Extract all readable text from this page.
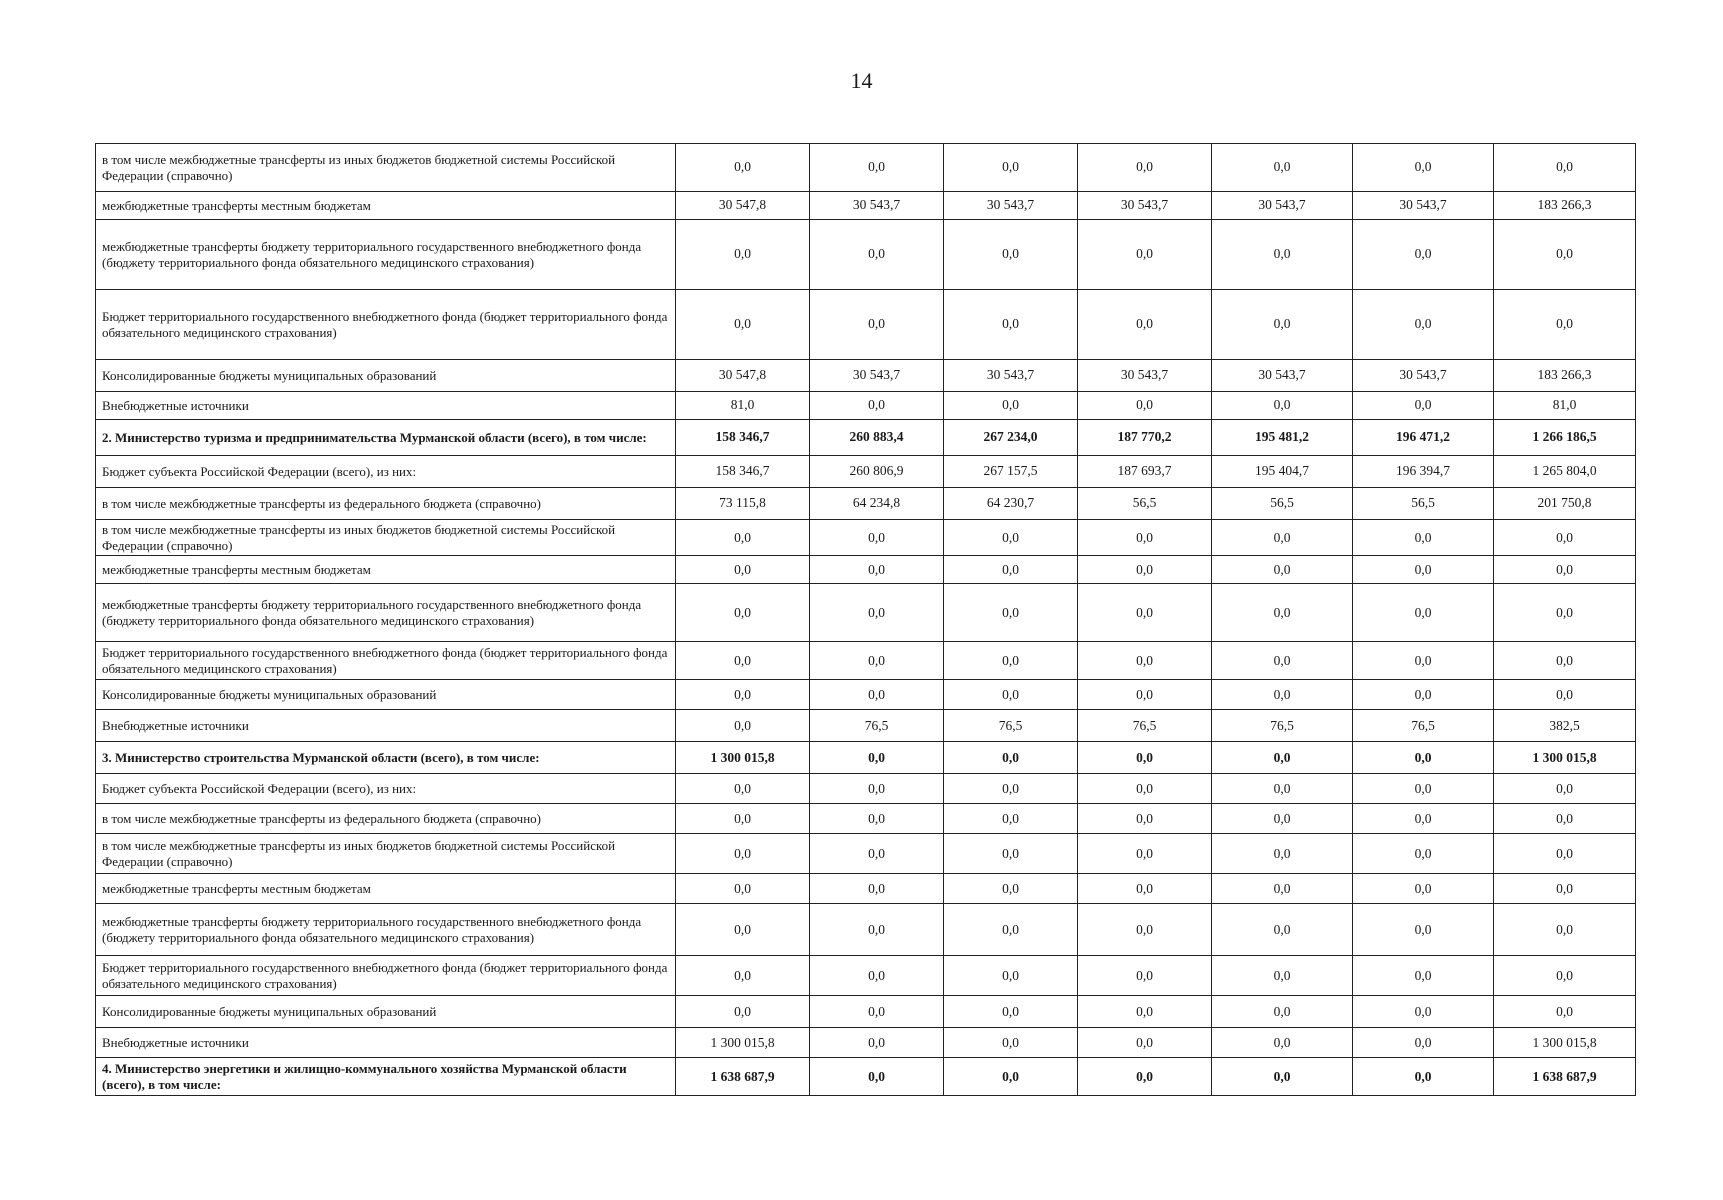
14
в том числе межбюджетные трансферты из иных бюджетов бюджетной системы Российской Федерации (справочно)	0,0	0,0	0,0	0,0	0,0	0,0	0,0
межбюджетные трансферты местным бюджетам	30 547,8	30 543,7	30 543,7	30 543,7	30 543,7	30 543,7	183 266,3
межбюджетные трансферты бюджету территориального государственного внебюджетного фонда (бюджету территориального фонда обязательного медицинского страхования)	0,0	0,0	0,0	0,0	0,0	0,0	0,0
Бюджет территориального государственного внебюджетного фонда (бюджет территориального фонда обязательного медицинского страхования)	0,0	0,0	0,0	0,0	0,0	0,0	0,0
Консолидированные бюджеты муниципальных образований	30 547,8	30 543,7	30 543,7	30 543,7	30 543,7	30 543,7	183 266,3
Внебюджетные источники	81,0	0,0	0,0	0,0	0,0	0,0	81,0
2. Министерство туризма и предпринимательства Мурманской области (всего), в том числе:	158 346,7	260 883,4	267 234,0	187 770,2	195 481,2	196 471,2	1 266 186,5
Бюджет субъекта Российской Федерации (всего), из них:	158 346,7	260 806,9	267 157,5	187 693,7	195 404,7	196 394,7	1 265 804,0
в том числе межбюджетные трансферты из федерального бюджета (справочно)	73 115,8	64 234,8	64 230,7	56,5	56,5	56,5	201 750,8
в том числе межбюджетные трансферты из иных бюджетов бюджетной системы Российской Федерации (справочно)	0,0	0,0	0,0	0,0	0,0	0,0	0,0
межбюджетные трансферты местным бюджетам	0,0	0,0	0,0	0,0	0,0	0,0	0,0
межбюджетные трансферты бюджету территориального государственного внебюджетного фонда (бюджету территориального фонда обязательного медицинского страхования)	0,0	0,0	0,0	0,0	0,0	0,0	0,0
Бюджет территориального государственного внебюджетного фонда (бюджет территориального фонда обязательного медицинского страхования)	0,0	0,0	0,0	0,0	0,0	0,0	0,0
Консолидированные бюджеты муниципальных образований	0,0	0,0	0,0	0,0	0,0	0,0	0,0
Внебюджетные источники	0,0	76,5	76,5	76,5	76,5	76,5	382,5
3. Министерство строительства Мурманской области (всего), в том числе:	1 300 015,8	0,0	0,0	0,0	0,0	0,0	1 300 015,8
Бюджет субъекта Российской Федерации (всего), из них:	0,0	0,0	0,0	0,0	0,0	0,0	0,0
в том числе межбюджетные трансферты из федерального бюджета (справочно)	0,0	0,0	0,0	0,0	0,0	0,0	0,0
в том числе межбюджетные трансферты из иных бюджетов бюджетной системы Российской Федерации (справочно)	0,0	0,0	0,0	0,0	0,0	0,0	0,0
межбюджетные трансферты местным бюджетам	0,0	0,0	0,0	0,0	0,0	0,0	0,0
межбюджетные трансферты бюджету территориального государственного внебюджетного фонда (бюджету территориального фонда обязательного медицинского страхования)	0,0	0,0	0,0	0,0	0,0	0,0	0,0
Бюджет территориального государственного внебюджетного фонда (бюджет территориального фонда обязательного медицинского страхования)	0,0	0,0	0,0	0,0	0,0	0,0	0,0
Консолидированные бюджеты муниципальных образований	0,0	0,0	0,0	0,0	0,0	0,0	0,0
Внебюджетные источники	1 300 015,8	0,0	0,0	0,0	0,0	0,0	1 300 015,8
4. Министерство энергетики и жилищно-коммунального хозяйства Мурманской области (всего), в том числе:	1 638 687,9	0,0	0,0	0,0	0,0	0,0	1 638 687,9
